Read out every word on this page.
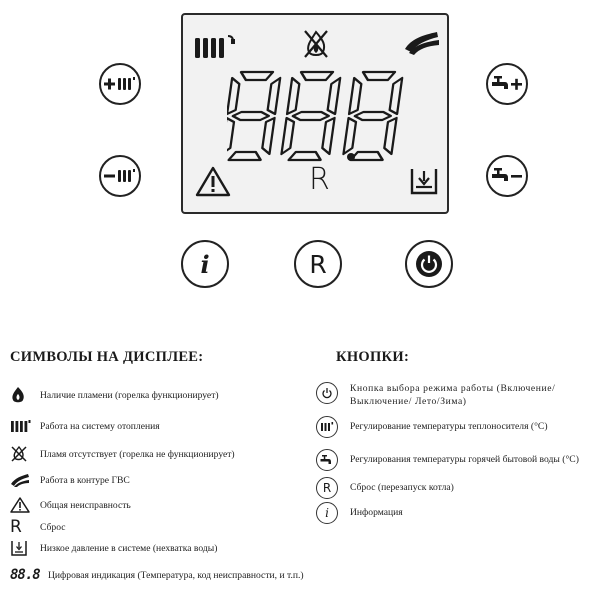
R
i	R
СИМВОЛЫ НА ДИСПЛЕЕ:
Наличие пламени (горелка функционирует)
Работа на систему отопления
Пламя отсутствует (горелка не функционирует)
Работа в контуре ГВС
Общая неисправность
R Сброс
Низкое давление в системе (нехватка воды)
88.8 Цифровая индикация (Температура, код неисправности, и т.п.)
КНОПКИ:
Кнопка выбора режима работы (Включение/
Выключение/ Лето/Зима)
Регулирование температуры теплоносителя (°C)
Регулирования температуры горячей бытовой воды (°C)
R Сброс (перезапуск котла)
i Информация
